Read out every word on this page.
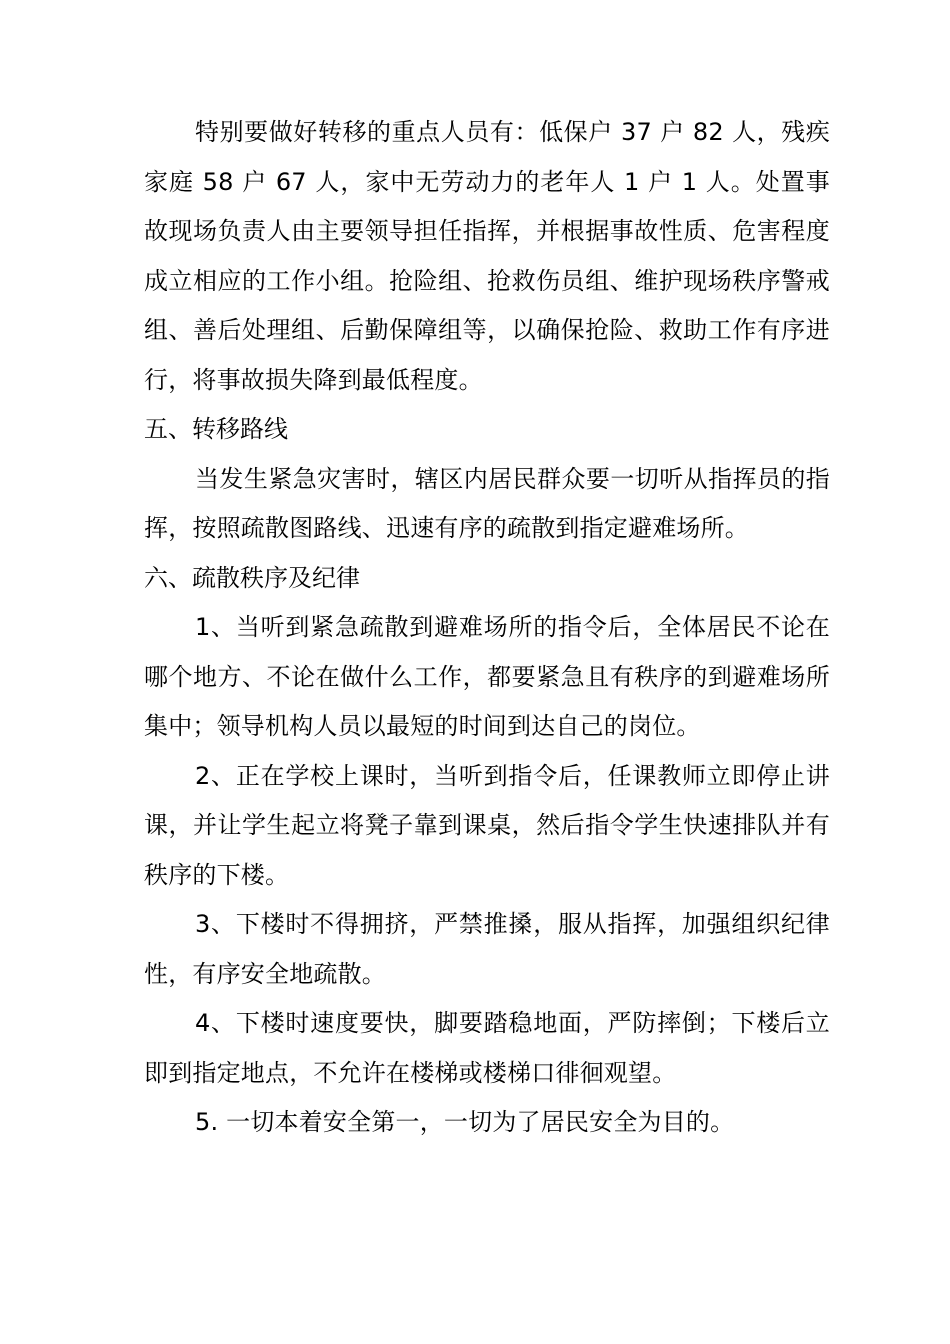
特别要做好转移的重点人员有：低保户 37 户 82 人，残疾家庭 58 户 67 人，家中无劳动力的老年人 1 户 1 人。处置事故现场负责人由主要领导担任指挥，并根据事故性质、危害程度成立相应的工作小组。抢险组、抢救伤员组、维护现场秩序警戒组、善后处理组、后勤保障组等，以确保抢险、救助工作有序进行，将事故损失降到最低程度。

五、转移路线

当发生紧急灾害时，辖区内居民群众要一切听从指挥员的指挥，按照疏散图路线、迅速有序的疏散到指定避难场所。

六、疏散秩序及纪律

1、当听到紧急疏散到避难场所的指令后，全体居民不论在哪个地方、不论在做什么工作，都要紧急且有秩序的到避难场所集中；领导机构人员以最短的时间到达自己的岗位。

2、正在学校上课时，当听到指令后，任课教师立即停止讲课，并让学生起立将凳子靠到课桌，然后指令学生快速排队并有秩序的下楼。

3、下楼时不得拥挤，严禁推搡，服从指挥，加强组织纪律性，有序安全地疏散。

4、下楼时速度要快，脚要踏稳地面，严防摔倒；下楼后立即到指定地点，不允许在楼梯或楼梯口徘徊观望。

5. 一切本着安全第一，一切为了居民安全为目的。
